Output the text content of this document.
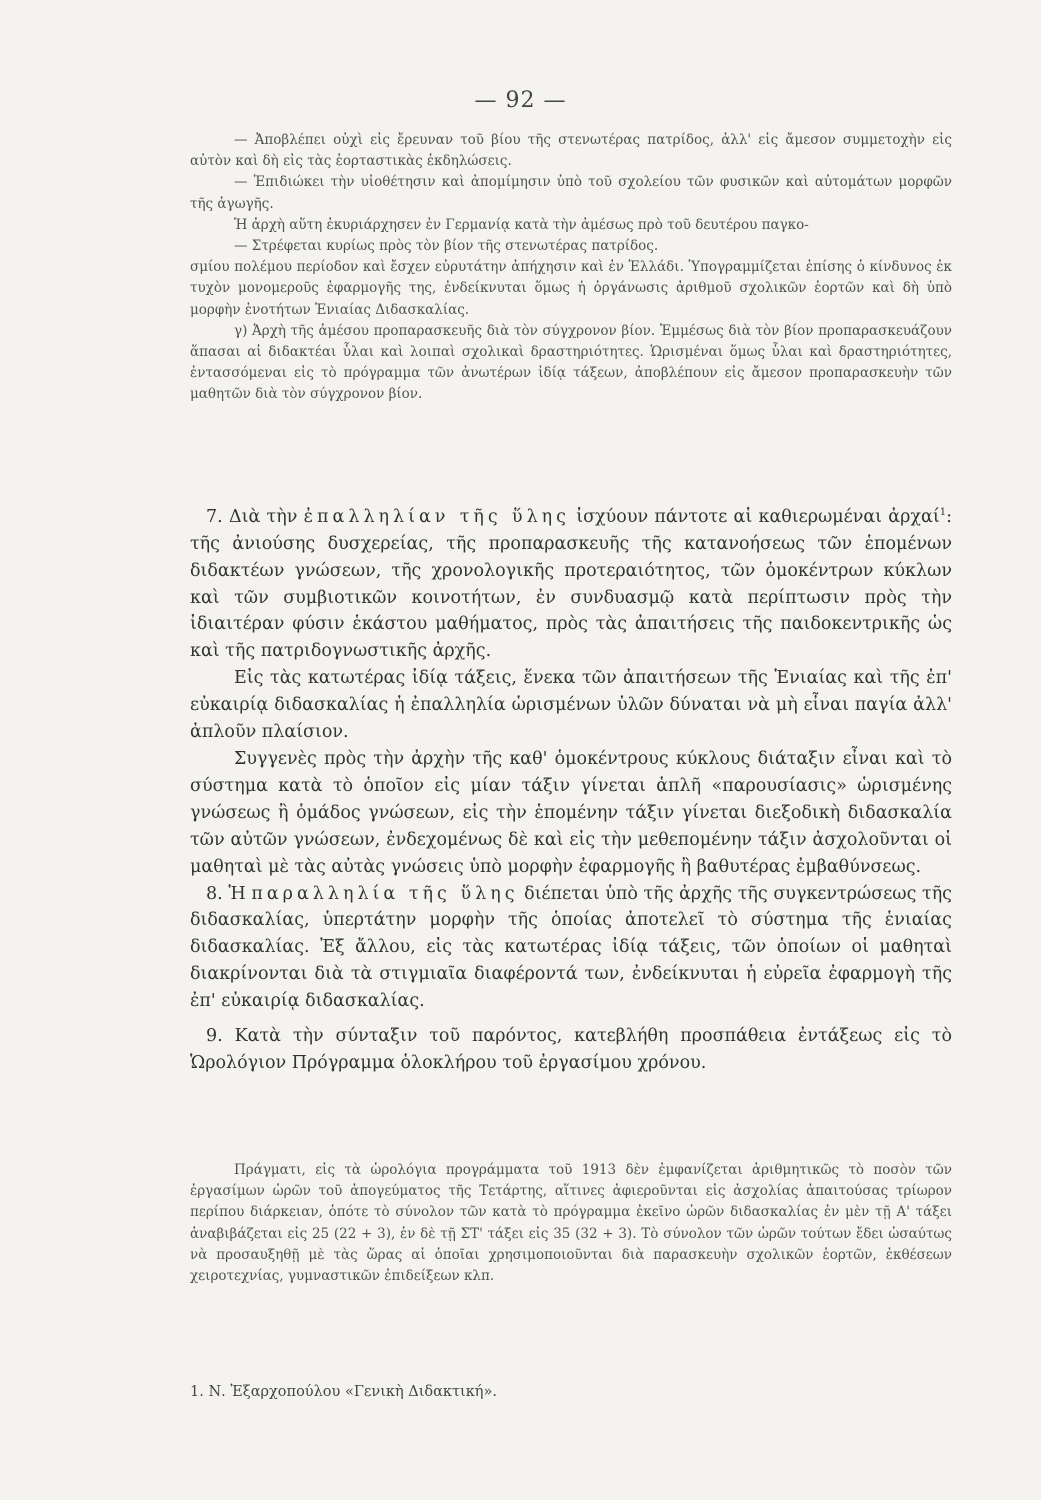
— 92 —

— Ἀποβλέπει οὐχὶ εἰς ἔρευναν τοῦ βίου τῆς στενωτέρας πατρίδος, ἀλλ' εἰς ἄμεσον συμμετοχὴν εἰς αὐτὸν καὶ δὴ εἰς τὰς ἑορταστικὰς ἐκδηλώσεις.

— Ἐπιδιώκει τὴν υἱοθέτησιν καὶ ἀπομίμησιν ὑπὸ τοῦ σχολείου τῶν φυσικῶν καὶ αὐτομάτων μορφῶν τῆς ἀγωγῆς.

Ἡ ἀρχὴ αὕτη ἐκυριάρχησεν ἐν Γερμανίᾳ κατὰ τὴν ἀμέσως πρὸ τοῦ δευτέρου παγκο-

— Στρέφεται κυρίως πρὸς τὸν βίον τῆς στενωτέρας πατρίδος.

σμίου πολέμου περίοδον καὶ ἔσχεν εὐρυτάτην ἀπήχησιν καὶ ἐν Ἑλλάδι. Ὑπογραμμίζεται ἐπίσης ὁ κίνδυνος ἐκ τυχὸν μονομεροῦς ἐφαρμογῆς της, ἐνδείκνυται ὅμως ἡ ὀργάνωσις ἀριθμοῦ σχολικῶν ἑορτῶν καὶ δὴ ὑπὸ μορφὴν ἑνοτήτων Ἑνιαίας Διδασκαλίας.

γ) Ἀρχὴ τῆς ἀμέσου προπαρασκευῆς διὰ τὸν σύγχρονον βίον. Ἐμμέσως διὰ τὸν βίον προπαρασκευάζουν ἅπασαι αἱ διδακτέαι ὗλαι καὶ λοιπαὶ σχολικαὶ δραστηριότητες. Ὡρισμέναι ὅμως ὗλαι καὶ δραστηριότητες, ἐντασσόμεναι εἰς τὸ πρόγραμμα τῶν ἀνωτέρων ἰδίᾳ τάξεων, ἀποβλέπουν εἰς ἄμεσον προπαρασκευὴν τῶν μαθητῶν διὰ τὸν σύγχρονον βίον.

7. Διὰ τὴν ἐπαλληλίαν τῆς ὕλης ἰσχύουν πάντοτε αἱ καθιερωμέναι ἀρχαί$^1$: τῆς ἀνιούσης δυσχερείας, τῆς προπαρασκευῆς τῆς κατανοήσεως τῶν ἑπομένων διδακτέων γνώσεων, τῆς χρονολογικῆς προτεραιότητος, τῶν ὁμοκέντρων κύκλων καὶ τῶν συμβιοτικῶν κοινοτήτων, ἐν συνδυασμῷ κατὰ περίπτωσιν πρὸς τὴν ἰδιαιτέραν φύσιν ἑκάστου μαθήματος, πρὸς τὰς ἀπαιτήσεις τῆς παιδοκεντρικῆς ὡς καὶ τῆς πατριδογνωστικῆς ἀρχῆς.

Εἰς τὰς κατωτέρας ἰδίᾳ τάξεις, ἕνεκα τῶν ἀπαιτήσεων τῆς Ἑνιαίας καὶ τῆς ἐπ' εὐκαιρίᾳ διδασκαλίας ἡ ἐπαλληλία ὡρισμένων ὑλῶν δύναται νὰ μὴ εἶναι παγία ἀλλ' ἁπλοῦν πλαίσιον.

Συγγενὲς πρὸς τὴν ἀρχὴν τῆς καθ' ὁμοκέντρους κύκλους διάταξιν εἶναι καὶ τὸ σύστημα κατὰ τὸ ὁποῖον εἰς μίαν τάξιν γίνεται ἁπλῆ «παρουσίασις» ὡρισμένης γνώσεως ἢ ὁμάδος γνώσεων, εἰς τὴν ἑπομένην τάξιν γίνεται διεξοδικὴ διδασκαλία τῶν αὐτῶν γνώσεων, ἐνδεχομένως δὲ καὶ εἰς τὴν μεθεπομένην τάξιν ἀσχολοῦνται οἱ μαθηταὶ μὲ τὰς αὐτὰς γνώσεις ὑπὸ μορφὴν ἐφαρμογῆς ἢ βαθυτέρας ἐμβαθύνσεως.

8. Ἡ παραλληλία τῆς ὕλης διέπεται ὑπὸ τῆς ἀρχῆς τῆς συγκεντρώσεως τῆς διδασκαλίας, ὑπερτάτην μορφὴν τῆς ὁποίας ἀποτελεῖ τὸ σύστημα τῆς ἑνιαίας διδασκαλίας. Ἐξ ἄλλου, εἰς τὰς κατωτέρας ἰδίᾳ τάξεις, τῶν ὁποίων οἱ μαθηταὶ διακρίνονται διὰ τὰ στιγμιαῖα διαφέροντά των, ἐνδείκνυται ἡ εὐρεῖα ἐφαρμογὴ τῆς ἐπ' εὐκαιρίᾳ διδασκαλίας.

9. Κατὰ τὴν σύνταξιν τοῦ παρόντος, κατεβλήθη προσπάθεια ἐντάξεως εἰς τὸ Ὡρολόγιον Πρόγραμμα ὁλοκλήρου τοῦ ἐργασίμου χρόνου.

Πράγματι, εἰς τὰ ὡρολόγια προγράμματα τοῦ 1913 δὲν ἐμφανίζεται ἀριθμητικῶς τὸ ποσὸν τῶν ἐργασίμων ὡρῶν τοῦ ἀπογεύματος τῆς Τετάρτης, αἵτινες ἀφιεροῦνται εἰς ἀσχολίας ἀπαιτούσας τρίωρον περίπου διάρκειαν, ὁπότε τὸ σύνολον τῶν κατὰ τὸ πρόγραμμα ἐκεῖνο ὡρῶν διδασκαλίας ἐν μὲν τῇ Α' τάξει ἀναβιβάζεται εἰς 25 (22 + 3), ἐν δὲ τῇ ΣΤ' τάξει εἰς 35 (32 + 3). Τὸ σύνολον τῶν ὡρῶν τούτων ἔδει ὡσαύτως νὰ προσαυξηθῇ μὲ τὰς ὥρας αἱ ὁποῖαι χρησιμοποιοῦνται διὰ παρασκευὴν σχολικῶν ἑορτῶν, ἐκθέσεων χειροτεχνίας, γυμναστικῶν ἐπιδείξεων κλπ.

1. Ν. Ἐξαρχοπούλου «Γενικὴ Διδακτική».
